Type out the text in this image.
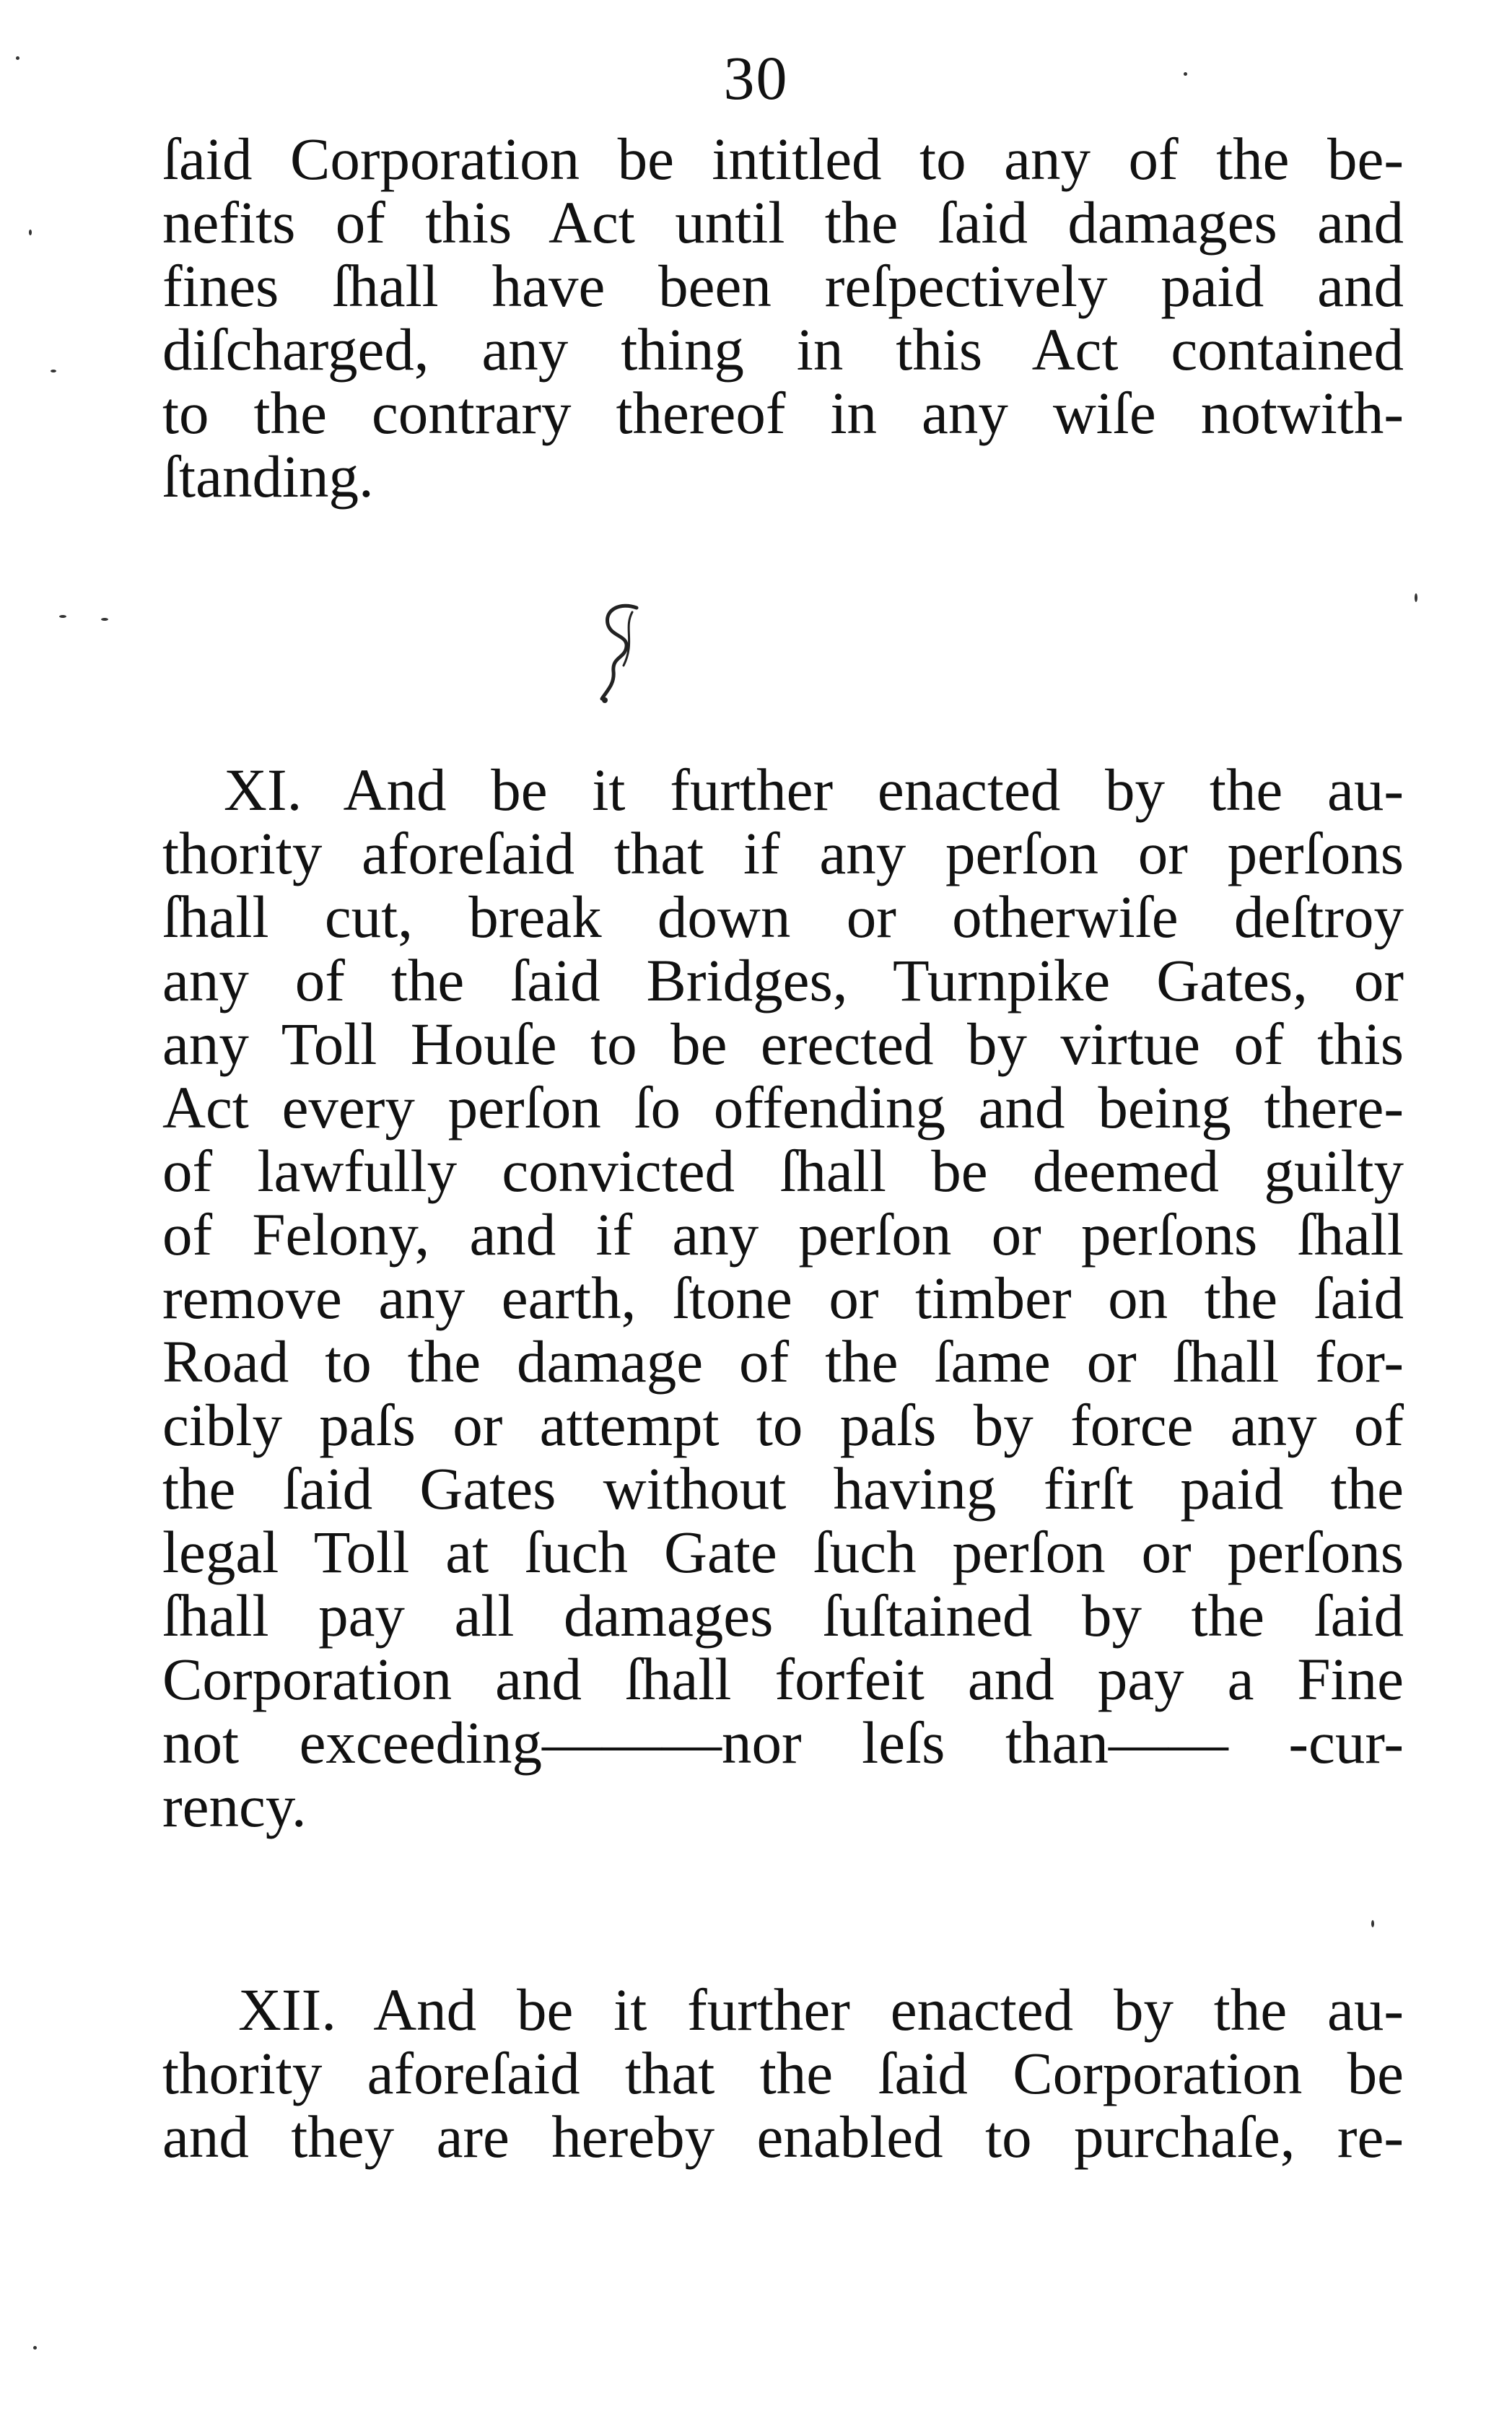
30
ſaid Corporation be intitled to any of the be-
nefits of this Act until the ſaid damages and
fines ſhall have been reſpectively paid and
diſcharged, any thing in this Act contained
to the contrary thereof in any wiſe notwith-
ſtanding.
XI. And be it further enacted by the au-
thority aforeſaid that if any perſon or perſons
ſhall cut, break down or otherwiſe deſtroy
any of the ſaid Bridges, Turnpike Gates, or
any Toll Houſe to be erected by virtue of this
Act every perſon ſo offending and being there-
of lawfully convicted ſhall be deemed guilty
of Felony, and if any perſon or perſons ſhall
remove any earth, ſtone or timber on the ſaid
Road to the damage of the ſame or ſhall for-
cibly paſs or attempt to paſs by force any of
the ſaid Gates without having firſt paid the
legal Toll at ſuch Gate ſuch perſon or perſons
ſhall pay all damages ſuſtained by the ſaid
Corporation and ſhall forfeit and pay a Fine
not exceeding———nor leſs than—— -cur-
rency.
XII. And be it further enacted by the au-
thority aforeſaid that the ſaid Corporation be
and they are hereby enabled to purchaſe, re-
